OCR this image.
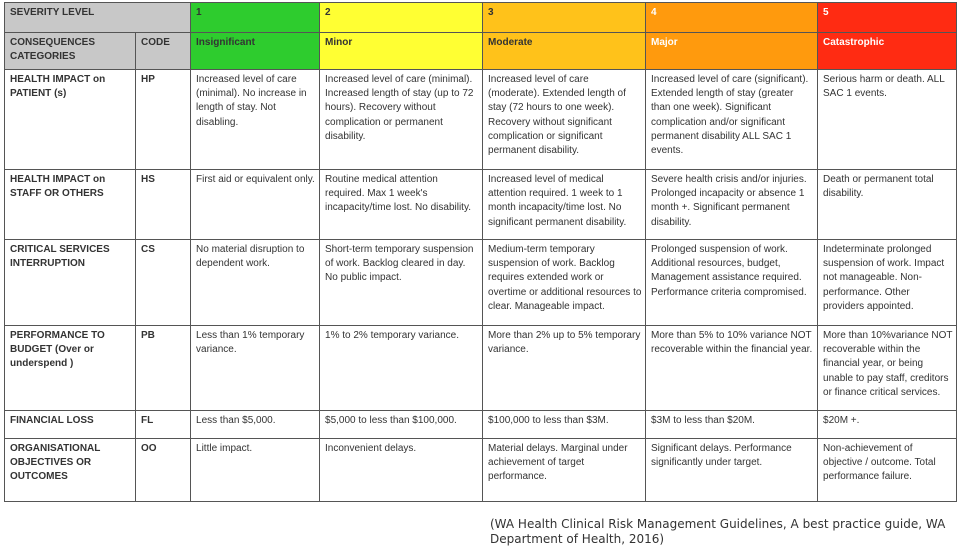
SEVERITY LEVEL		1	2	3	4	5
CONSEQUENCES CATEGORIES	CODE	Insignificant	Minor	Moderate	Major	Catastrophic
HEALTH IMPACT on PATIENT (s)	HP	Increased level of care (minimal). No increase in length of stay. Not disabling.	Increased level of care (minimal). Increased length of stay (up to 72 hours). Recovery without complication or permanent disability.	Increased level of care (moderate). Extended length of stay (72 hours to one week). Recovery without significant complication or significant permanent disability.	Increased level of care (significant). Extended length of stay (greater than one week). Significant complication and/or significant permanent disability ALL SAC 1 events.	Serious harm or death. ALL SAC 1 events.
HEALTH IMPACT on STAFF OR OTHERS	HS	First aid or equivalent only.	Routine medical attention required. Max 1 week's incapacity/time lost. No disability.	Increased level of medical attention required. 1 week to 1 month incapacity/time lost. No significant permanent disability.	Severe health crisis and/or injuries. Prolonged incapacity or absence 1 month +. Significant permanent disability.	Death or permanent total disability.
CRITICAL SERVICES INTERRUPTION	CS	No material disruption to dependent work.	Short-term temporary suspension of work. Backlog cleared in day. No public impact.	Medium-term temporary suspension of work. Backlog requires extended work or overtime or additional resources to clear. Manageable impact.	Prolonged suspension of work. Additional resources, budget, Management assistance required. Performance criteria compromised.	Indeterminate prolonged suspension of work. Impact not manageable. Non-performance. Other providers appointed.
PERFORMANCE TO BUDGET (Over or underspend )	PB	Less than 1% temporary variance.	1% to 2% temporary variance.	More than 2% up to 5% temporary variance.	More than 5% to 10% variance NOT recoverable within the financial year.	More than 10%variance NOT recoverable within the financial year, or being unable to pay staff, creditors or finance critical services.
FINANCIAL LOSS	FL	Less than $5,000.	$5,000 to less than $100,000.	$100,000 to less than $3M.	$3M to less than $20M.	$20M +.
ORGANISATIONAL OBJECTIVES OR OUTCOMES	OO	Little impact.	Inconvenient delays.	Material delays. Marginal under achievement of target performance.	Significant delays. Performance significantly under target.	Non-achievement of objective / outcome. Total performance failure.
(WA Health Clinical Risk Management Guidelines, A best practice guide, WA Department of Health, 2016)
